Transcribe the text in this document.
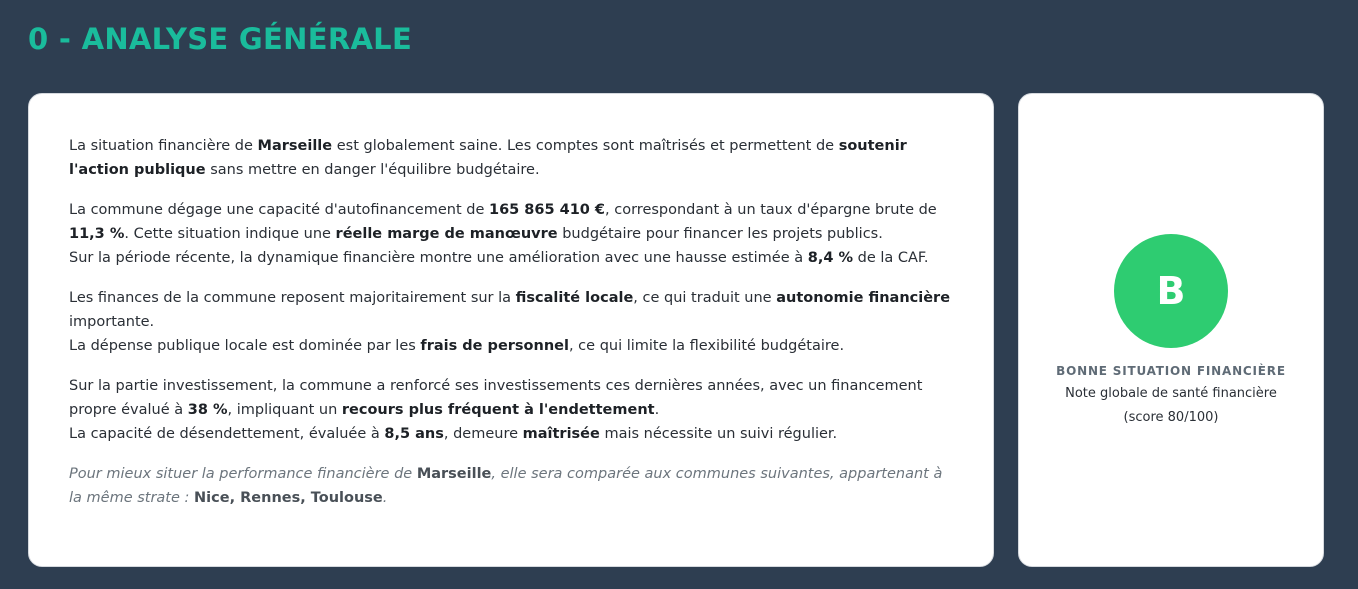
0 - ANALYSE GÉNÉRALE

La situation financière de Marseille est globalement saine. Les comptes sont maîtrisés et permettent de soutenir l'action publique sans mettre en danger l'équilibre budgétaire.

La commune dégage une capacité d'autofinancement de 165 865 410 €, correspondant à un taux d'épargne brute de 11,3 %. Cette situation indique une réelle marge de manœuvre budgétaire pour financer les projets publics.
Sur la période récente, la dynamique financière montre une amélioration avec une hausse estimée à 8,4 % de la CAF.

Les finances de la commune reposent majoritairement sur la fiscalité locale, ce qui traduit une autonomie financière importante.
La dépense publique locale est dominée par les frais de personnel, ce qui limite la flexibilité budgétaire.

Sur la partie investissement, la commune a renforcé ses investissements ces dernières années, avec un financement propre évalué à 38 %, impliquant un recours plus fréquent à l'endettement.
La capacité de désendettement, évaluée à 8,5 ans, demeure maîtrisée mais nécessite un suivi régulier.

Pour mieux situer la performance financière de Marseille, elle sera comparée aux communes suivantes, appartenant à la même strate : Nice, Rennes, Toulouse.

B
BONNE SITUATION FINANCIÈRE
Note globale de santé financière (score 80/100)
